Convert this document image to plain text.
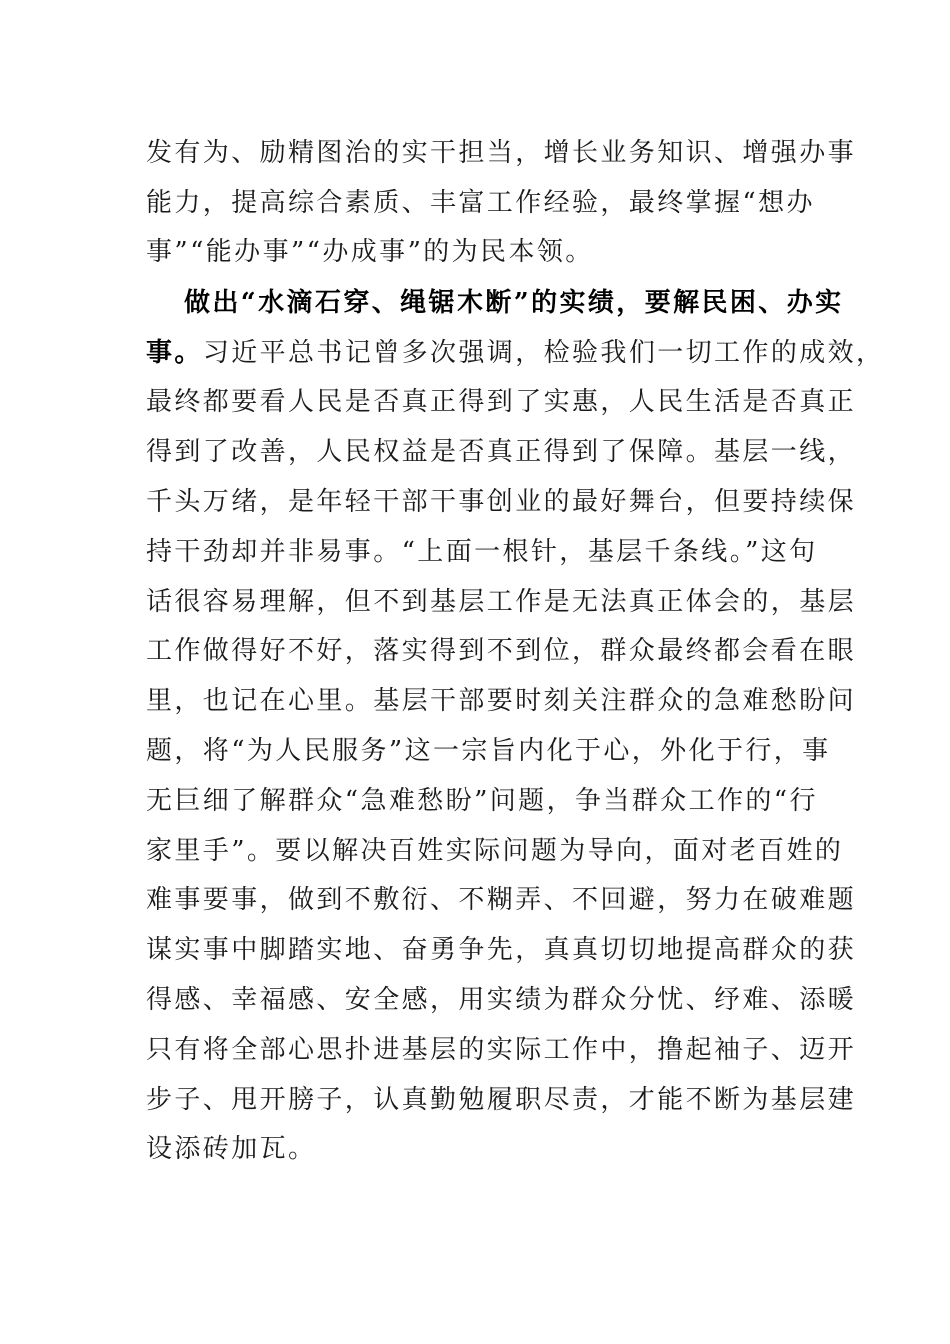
发有为、励精图治的实干担当，增长业务知识、增强办事
能力，提高综合素质、丰富工作经验，最终掌握“想办
事”“能办事”“办成事”的为民本领。
做出“水滴石穿、绳锯木断”的实绩，要解民困、办实
事。习近平总书记曾多次强调，检验我们一切工作的成效，
最终都要看人民是否真正得到了实惠，人民生活是否真正
得到了改善，人民权益是否真正得到了保障。基层一线，
千头万绪，是年轻干部干事创业的最好舞台，但要持续保
持干劲却并非易事。“上面一根针，基层千条线。”这句
话很容易理解，但不到基层工作是无法真正体会的，基层
工作做得好不好，落实得到不到位，群众最终都会看在眼
里，也记在心里。基层干部要时刻关注群众的急难愁盼问
题，将“为人民服务”这一宗旨内化于心，外化于行，事
无巨细了解群众“急难愁盼”问题，争当群众工作的“行
家里手”。要以解决百姓实际问题为导向，面对老百姓的
难事要事，做到不敷衍、不糊弄、不回避，努力在破难题
谋实事中脚踏实地、奋勇争先，真真切切地提高群众的获
得感、幸福感、安全感，用实绩为群众分忧、纾难、添暖
只有将全部心思扑进基层的实际工作中，撸起袖子、迈开
步子、甩开膀子，认真勤勉履职尽责，才能不断为基层建
设添砖加瓦。
